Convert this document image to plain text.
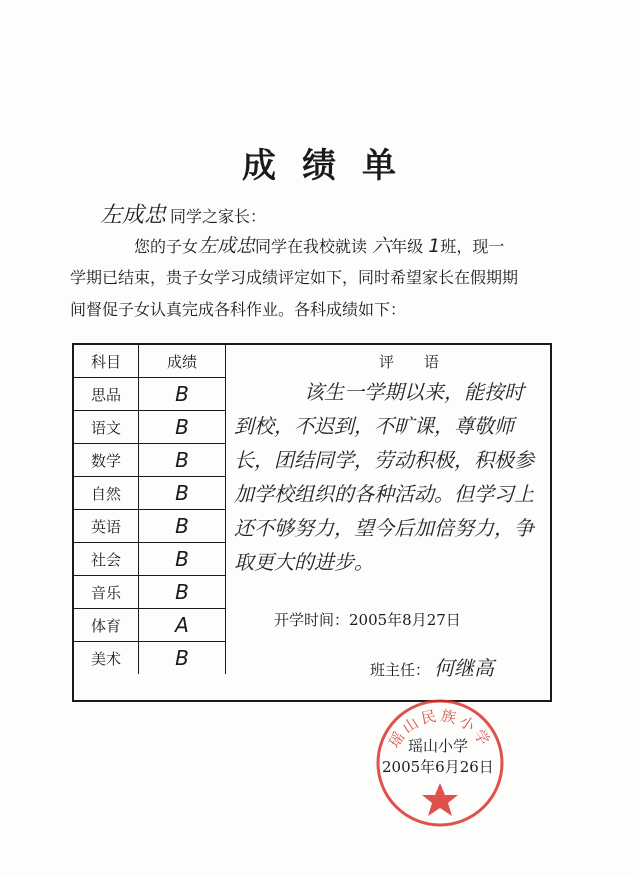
成绩单
左成忠 同学之家长：
您的子女左成忠同学在我校就读 六年级 1班，现一
学期已结束，贵子女学习成绩评定如下，同时希望家长在假期期
间督促子女认真完成各科作业。各科成绩如下：
科目	成绩
思品	B
语文	B
数学	B
自然	B
英语	B
社会	B
音乐	B
体育	A
美术	B
评语
该生一学期以来，能按时到校，不迟到，不旷课，尊敬师长，团结同学，劳动积极，积极参加学校组织的各种活动。但学习上还不够努力，望今后加倍努力，争取更大的进步。
开学时间：2005年8月27日
班主任： 何继高
瑶山民族小学
瑶山小学
2005年6月26日
